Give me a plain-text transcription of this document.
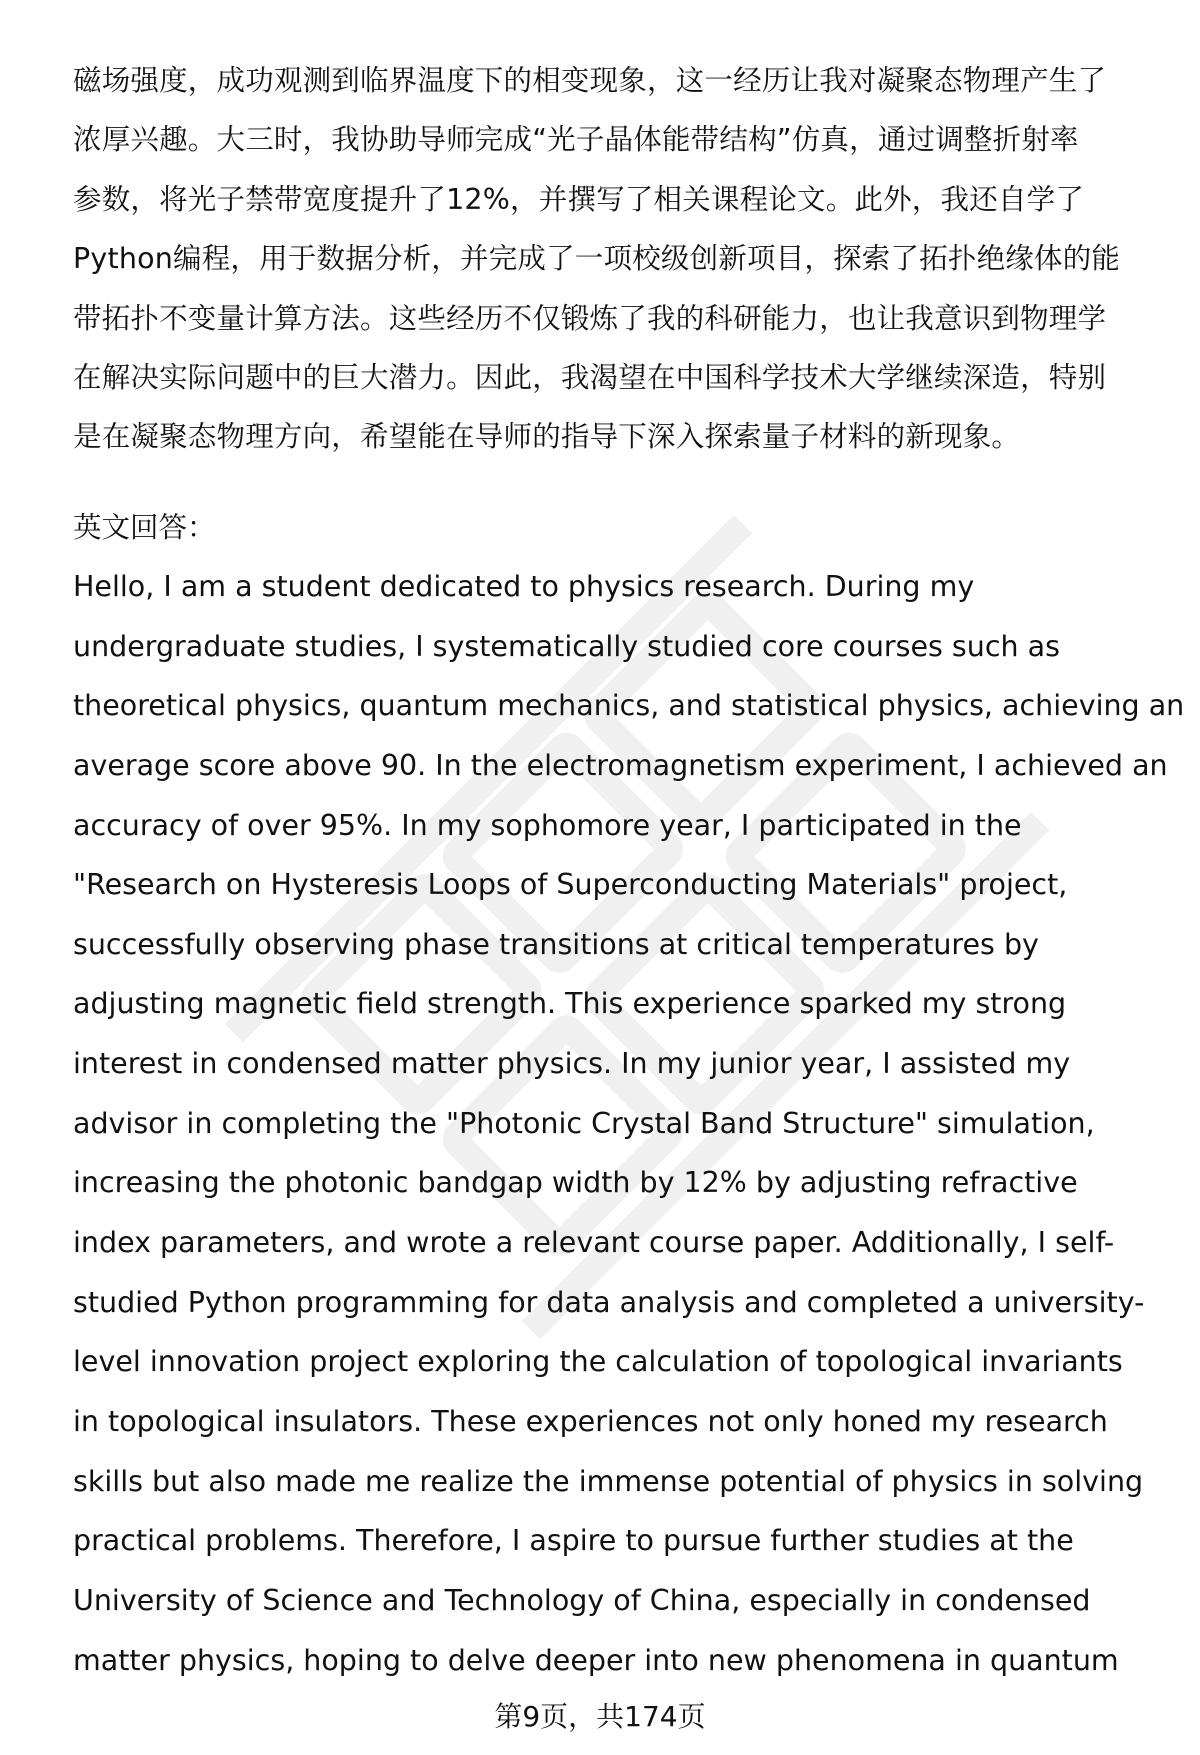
磁场强度，成功观测到临界温度下的相变现象，这一经历让我对凝聚态物理产生了
浓厚兴趣。大三时，我协助导师完成“光子晶体能带结构”仿真，通过调整折射率
参数，将光子禁带宽度提升了12%，并撰写了相关课程论文。此外，我还自学了
Python编程，用于数据分析，并完成了一项校级创新项目，探索了拓扑绝缘体的能
带拓扑不变量计算方法。这些经历不仅锻炼了我的科研能力，也让我意识到物理学
在解决实际问题中的巨大潜力。因此，我渴望在中国科学技术大学继续深造，特别
是在凝聚态物理方向，希望能在导师的指导下深入探索量子材料的新现象。
英文回答：
Hello, I am a student dedicated to physics research. During my
undergraduate studies, I systematically studied core courses such as
theoretical physics, quantum mechanics, and statistical physics, achieving an
average score above 90. In the electromagnetism experiment, I achieved an
accuracy of over 95%. In my sophomore year, I participated in the
"Research on Hysteresis Loops of Superconducting Materials" project,
successfully observing phase transitions at critical temperatures by
adjusting magnetic field strength. This experience sparked my strong
interest in condensed matter physics. In my junior year, I assisted my
advisor in completing the "Photonic Crystal Band Structure" simulation,
increasing the photonic bandgap width by 12% by adjusting refractive
index parameters, and wrote a relevant course paper. Additionally, I self-
studied Python programming for data analysis and completed a university-
level innovation project exploring the calculation of topological invariants
in topological insulators. These experiences not only honed my research
skills but also made me realize the immense potential of physics in solving
practical problems. Therefore, I aspire to pursue further studies at the
University of Science and Technology of China, especially in condensed
matter physics, hoping to delve deeper into new phenomena in quantum
第9页，共174页
